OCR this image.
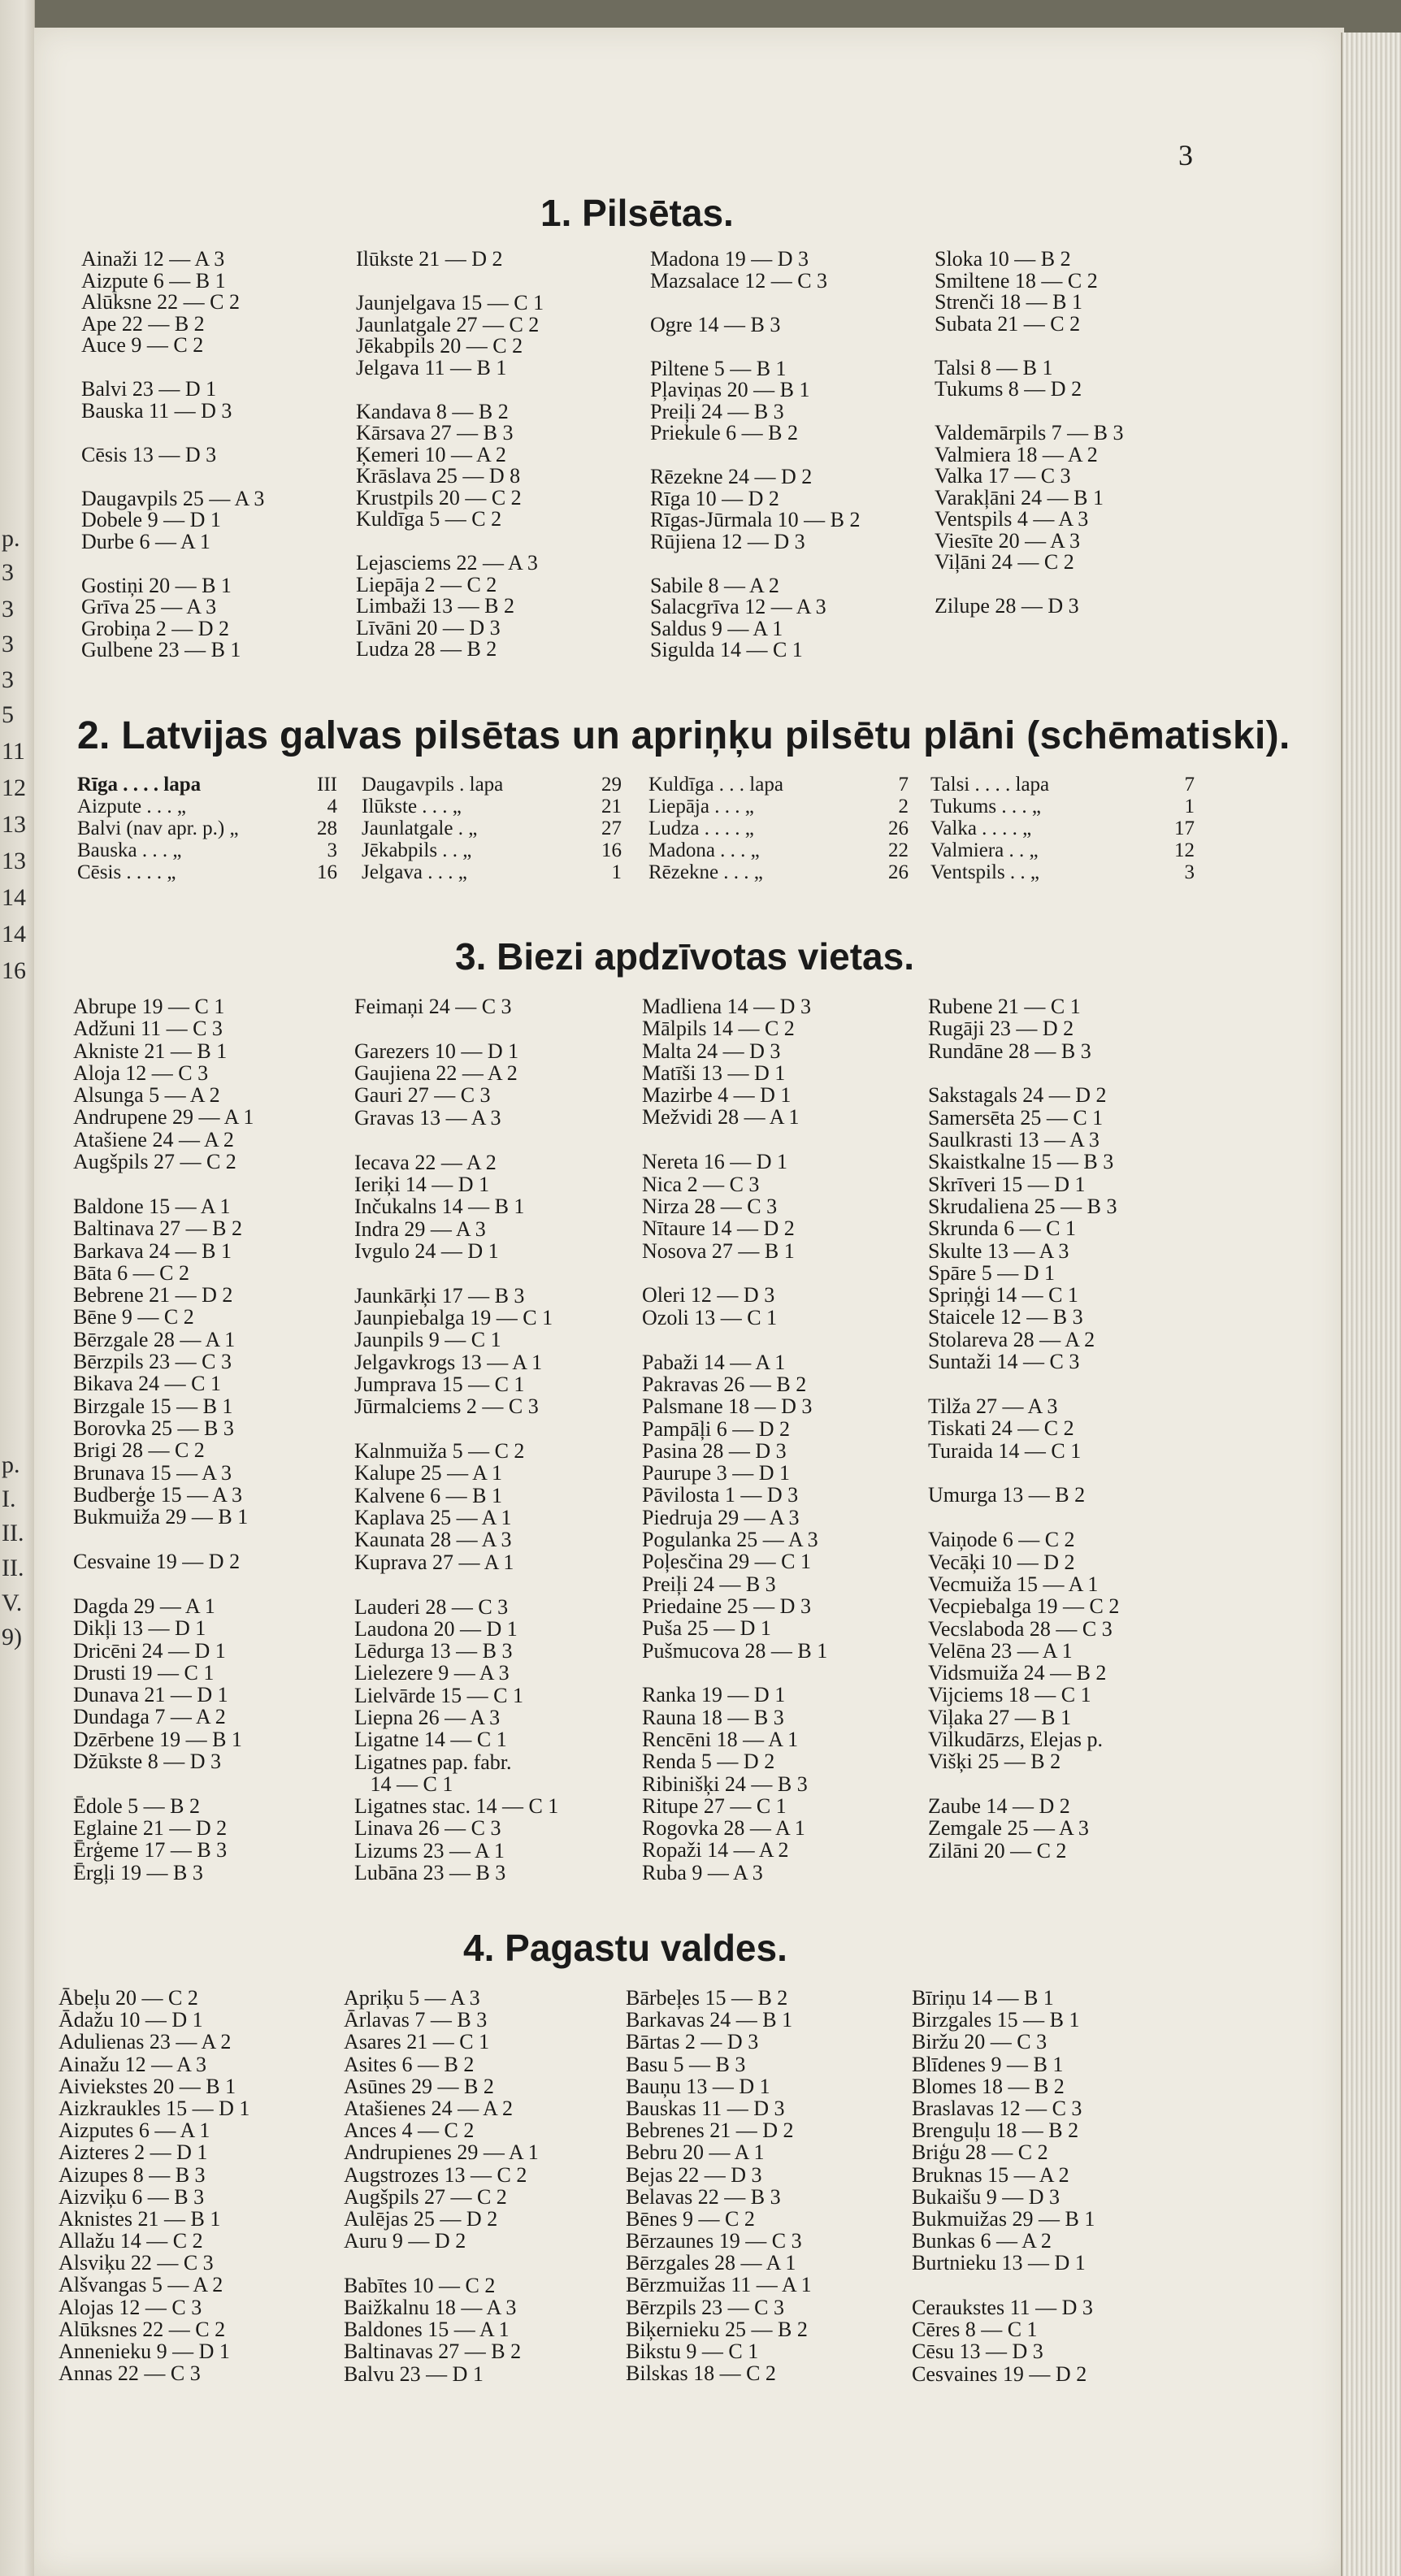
p.
3
3
3
3
5
11
12
13
13
14
14
16
p.
I.
II.
II.
V.
9)
3
1. Pilsētas.
2. Latvijas galvas pilsētas un apriņķu pilsētu plāni (schēmatiski).
3. Biezi apdzīvotas vietas.
4. Pagastu valdes.
Ainaži 12 — A 3
Aizpute 6 — B 1
Alūksne 22 — C 2
Ape 22 — B 2
Auce 9 — C 2
Balvi 23 — D 1
Bauska 11 — D 3
Cēsis 13 — D 3
Daugavpils 25 — A 3
Dobele 9 — D 1
Durbe 6 — A 1
Gostiņi 20 — B 1
Grīva 25 — A 3
Grobiņa 2 — D 2
Gulbene 23 — B 1
Ilūkste 21 — D 2
Jaunjelgava 15 — C 1
Jaunlatgale 27 — C 2
Jēkabpils 20 — C 2
Jelgava 11 — B 1
Kandava 8 — B 2
Kārsava 27 — B 3
Ķemeri 10 — A 2
Krāslava 25 — D 8
Krustpils 20 — C 2
Kuldīga 5 — C 2
Lejasciems 22 — A 3
Liepāja 2 — C 2
Limbaži 13 — B 2
Līvāni 20 — D 3
Ludza 28 — B 2
Madona 19 — D 3
Mazsalace 12 — C 3
Ogre 14 — B 3
Piltene 5 — B 1
Pļaviņas 20 — B 1
Preiļi 24 — B 3
Priekule 6 — B 2
Rēzekne 24 — D 2
Rīga 10 — D 2
Rīgas-Jūrmala 10 — B 2
Rūjiena 12 — D 3
Sabile 8 — A 2
Salacgrīva 12 — A 3
Saldus 9 — A 1
Sigulda 14 — C 1
Sloka 10 — B 2
Smiltene 18 — C 2
Strenči 18 — B 1
Subata 21 — C 2
Talsi 8 — B 1
Tukums 8 — D 2
Valdemārpils 7 — B 3
Valmiera 18 — A 2
Valka 17 — C 3
Varakļāni 24 — B 1
Ventspils 4 — A 3
Viesīte 20 — A 3
Viļāni 24 — C 2
Zilupe 28 — D 3
Rīga . . . . lapa	III
Aizpute . . . „	4
Balvi (nav apr. p.) „	28
Bauska . . . „	3
Cēsis . . . . „	16
Daugavpils . lapa	29
Ilūkste . . . „	21
Jaunlatgale . „	27
Jēkabpils . . „	16
Jelgava . . . „	1
Kuldīga . . . lapa	7
Liepāja . . . „	2
Ludza . . . . „	26
Madona . . . „	22
Rēzekne . . . „	26
Talsi . . . . lapa	7
Tukums . . . „	1
Valka . . . . „	17
Valmiera . . „	12
Ventspils . . „	3
Abrupe 19 — C 1
Adžuni 11 — C 3
Akniste 21 — B 1
Aloja 12 — C 3
Alsunga 5 — A 2
Andrupene 29 — A 1
Atašiene 24 — A 2
Augšpils 27 — C 2
Baldone 15 — A 1
Baltinava 27 — B 2
Barkava 24 — B 1
Bāta 6 — C 2
Bebrene 21 — D 2
Bēne 9 — C 2
Bērzgale 28 — A 1
Bērzpils 23 — C 3
Bikava 24 — C 1
Birzgale 15 — B 1
Borovka 25 — B 3
Brigi 28 — C 2
Brunava 15 — A 3
Budberģe 15 — A 3
Bukmuiža 29 — B 1
Cesvaine 19 — D 2
Dagda 29 — A 1
Dikļi 13 — D 1
Dricēni 24 — D 1
Drusti 19 — C 1
Dunava 21 — D 1
Dundaga 7 — A 2
Dzērbene 19 — B 1
Džūkste 8 — D 3
Ēdole 5 — B 2
Eglaine 21 — D 2
Ērģeme 17 — B 3
Ērgļi 19 — B 3
Feimaņi 24 — C 3
Garezers 10 — D 1
Gaujiena 22 — A 2
Gauri 27 — C 3
Gravas 13 — A 3
Iecava 22 — A 2
Ieriķi 14 — D 1
Inčukalns 14 — B 1
Indra 29 — A 3
Ivgulo 24 — D 1
Jaunkārķi 17 — B 3
Jaunpiebalga 19 — C 1
Jaunpils 9 — C 1
Jelgavkrogs 13 — A 1
Jumprava 15 — C 1
Jūrmalciems 2 — C 3
Kalnmuiža 5 — C 2
Kalupe 25 — A 1
Kalvene 6 — B 1
Kaplava 25 — A 1
Kaunata 28 — A 3
Kuprava 27 — A 1
Lauderi 28 — C 3
Laudona 20 — D 1
Lēdurga 13 — B 3
Lielezere 9 — A 3
Lielvārde 15 — C 1
Liepna 26 — A 3
Ligatne 14 — C 1
Ligatnes pap. fabr.
14 — C 1
Ligatnes stac. 14 — C 1
Linava 26 — C 3
Lizums 23 — A 1
Lubāna 23 — B 3
Madliena 14 — D 3
Mālpils 14 — C 2
Malta 24 — D 3
Matīši 13 — D 1
Mazirbe 4 — D 1
Mežvidi 28 — A 1
Nereta 16 — D 1
Nica 2 — C 3
Nirza 28 — C 3
Nītaure 14 — D 2
Nosova 27 — B 1
Oleri 12 — D 3
Ozoli 13 — C 1
Pabaži 14 — A 1
Pakravas 26 — B 2
Palsmane 18 — D 3
Pampāļi 6 — D 2
Pasina 28 — D 3
Paurupe 3 — D 1
Pāvilosta 1 — D 3
Piedruja 29 — A 3
Pogulanka 25 — A 3
Poļesčina 29 — C 1
Preiļi 24 — B 3
Priedaine 25 — D 3
Puša 25 — D 1
Pušmucova 28 — B 1
Ranka 19 — D 1
Rauna 18 — B 3
Rencēni 18 — A 1
Renda 5 — D 2
Ribinišķi 24 — B 3
Ritupe 27 — C 1
Rogovka 28 — A 1
Ropaži 14 — A 2
Ruba 9 — A 3
Rubene 21 — C 1
Rugāji 23 — D 2
Rundāne 28 — B 3
Sakstagals 24 — D 2
Samersēta 25 — C 1
Saulkrasti 13 — A 3
Skaistkalne 15 — B 3
Skrīveri 15 — D 1
Skrudaliena 25 — B 3
Skrunda 6 — C 1
Skulte 13 — A 3
Spāre 5 — D 1
Spriņģi 14 — C 1
Staicele 12 — B 3
Stolareva 28 — A 2
Suntaži 14 — C 3
Tilža 27 — A 3
Tiskati 24 — C 2
Turaida 14 — C 1
Umurga 13 — B 2
Vaiņode 6 — C 2
Vecāķi 10 — D 2
Vecmuiža 15 — A 1
Vecpiebalga 19 — C 2
Vecslaboda 28 — C 3
Velēna 23 — A 1
Vidsmuiža 24 — B 2
Vijciems 18 — C 1
Viļaka 27 — B 1
Vilkudārzs, Elejas p.
Višķi 25 — B 2
Zaube 14 — D 2
Zemgale 25 — A 3
Zilāni 20 — C 2
Ābeļu 20 — C 2
Ādažu 10 — D 1
Adulienas 23 — A 2
Ainažu 12 — A 3
Aiviekstes 20 — B 1
Aizkraukles 15 — D 1
Aizputes 6 — A 1
Aizteres 2 — D 1
Aizupes 8 — B 3
Aizviķu 6 — B 3
Aknistes 21 — B 1
Allažu 14 — C 2
Alsviķu 22 — C 3
Alšvangas 5 — A 2
Alojas 12 — C 3
Alūksnes 22 — C 2
Annenieku 9 — D 1
Annas 22 — C 3
Apriķu 5 — A 3
Ārlavas 7 — B 3
Asares 21 — C 1
Asites 6 — B 2
Asūnes 29 — B 2
Atašienes 24 — A 2
Ances 4 — C 2
Andrupienes 29 — A 1
Augstrozes 13 — C 2
Augšpils 27 — C 2
Aulējas 25 — D 2
Auru 9 — D 2
Babītes 10 — C 2
Baižkalnu 18 — A 3
Baldones 15 — A 1
Baltinavas 27 — B 2
Balvu 23 — D 1
Bārbeļes 15 — B 2
Barkavas 24 — B 1
Bārtas 2 — D 3
Basu 5 — B 3
Bauņu 13 — D 1
Bauskas 11 — D 3
Bebrenes 21 — D 2
Bebru 20 — A 1
Bejas 22 — D 3
Belavas 22 — B 3
Bēnes 9 — C 2
Bērzaunes 19 — C 3
Bērzgales 28 — A 1
Bērzmuižas 11 — A 1
Bērzpils 23 — C 3
Biķernieku 25 — B 2
Bikstu 9 — C 1
Bilskas 18 — C 2
Bīriņu 14 — B 1
Birzgales 15 — B 1
Biržu 20 — C 3
Blīdenes 9 — B 1
Blomes 18 — B 2
Braslavas 12 — C 3
Brenguļu 18 — B 2
Briģu 28 — C 2
Bruknas 15 — A 2
Bukaišu 9 — D 3
Bukmuižas 29 — B 1
Bunkas 6 — A 2
Burtnieku 13 — D 1
Ceraukstes 11 — D 3
Cēres 8 — C 1
Cēsu 13 — D 3
Cesvaines 19 — D 2
